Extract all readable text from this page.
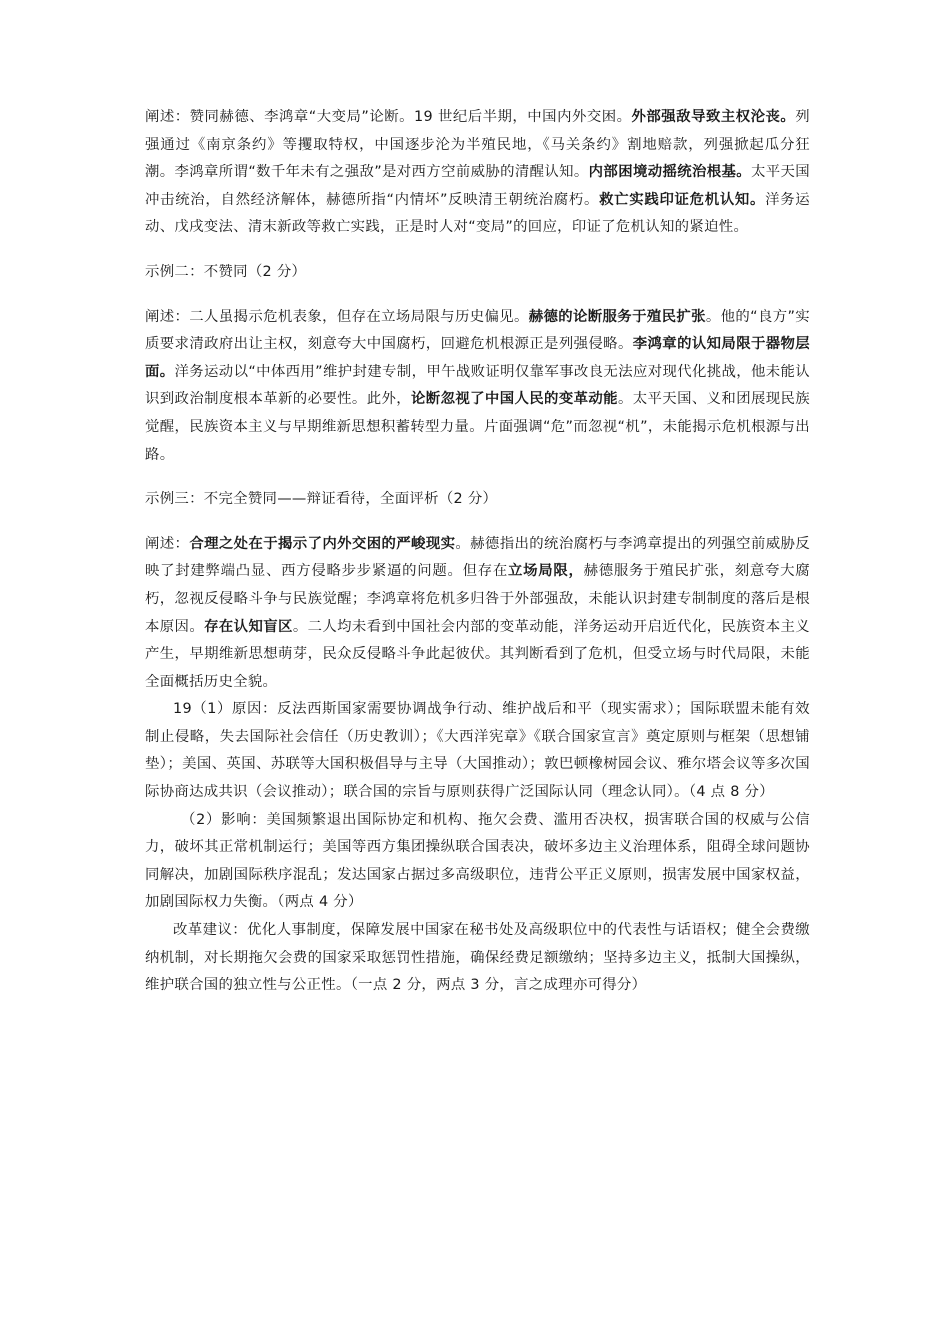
阐述：赞同赫德、李鸿章“大变局”论断。19 世纪后半期，中国内外交困。外部强敌导致主权沦丧。列强通过《南京条约》等攫取特权，中国逐步沦为半殖民地，《马关条约》割地赔款，列强掀起瓜分狂潮。李鸿章所谓“数千年未有之强敌”是对西方空前威胁的清醒认知。内部困境动摇统治根基。太平天国冲击统治，自然经济解体，赫德所指“内情坏”反映清王朝统治腐朽。救亡实践印证危机认知。洋务运动、戊戌变法、清末新政等救亡实践，正是时人对“变局”的回应，印证了危机认知的紧迫性。

示例二：不赞同（2 分）

阐述：二人虽揭示危机表象，但存在立场局限与历史偏见。赫德的论断服务于殖民扩张。他的“良方”实质要求清政府出让主权，刻意夸大中国腐朽，回避危机根源正是列强侵略。李鸿章的认知局限于器物层面。洋务运动以“中体西用”维护封建专制，甲午战败证明仅靠军事改良无法应对现代化挑战，他未能认识到政治制度根本革新的必要性。此外，论断忽视了中国人民的变革动能。太平天国、义和团展现民族觉醒，民族资本主义与早期维新思想积蓄转型力量。片面强调“危”而忽视“机”，未能揭示危机根源与出路。

示例三：不完全赞同——辩证看待，全面评析（2 分）

阐述：合理之处在于揭示了内外交困的严峻现实。赫德指出的统治腐朽与李鸿章提出的列强空前威胁反映了封建弊端凸显、西方侵略步步紧逼的问题。但存在立场局限，赫德服务于殖民扩张，刻意夸大腐朽，忽视反侵略斗争与民族觉醒；李鸿章将危机多归咎于外部强敌，未能认识封建专制制度的落后是根本原因。存在认知盲区。二人均未看到中国社会内部的变革动能，洋务运动开启近代化，民族资本主义产生，早期维新思想萌芽，民众反侵略斗争此起彼伏。其判断看到了危机，但受立场与时代局限，未能全面概括历史全貌。

19（1）原因：反法西斯国家需要协调战争行动、维护战后和平（现实需求）；国际联盟未能有效制止侵略，失去国际社会信任（历史教训）；《大西洋宪章》《联合国家宣言》奠定原则与框架（思想铺垫）；美国、英国、苏联等大国积极倡导与主导（大国推动）；敦巴顿橡树园会议、雅尔塔会议等多次国际协商达成共识（会议推动）；联合国的宗旨与原则获得广泛国际认同（理念认同）。（4 点 8 分）

（2）影响：美国频繁退出国际协定和机构、拖欠会费、滥用否决权，损害联合国的权威与公信力，破坏其正常机制运行；美国等西方集团操纵联合国表决，破坏多边主义治理体系，阻碍全球问题协同解决，加剧国际秩序混乱；发达国家占据过多高级职位，违背公平正义原则，损害发展中国家权益，加剧国际权力失衡。（两点 4 分）

改革建议：优化人事制度，保障发展中国家在秘书处及高级职位中的代表性与话语权；健全会费缴纳机制，对长期拖欠会费的国家采取惩罚性措施，确保经费足额缴纳；坚持多边主义，抵制大国操纵，维护联合国的独立性与公正性。（一点 2 分，两点 3 分，言之成理亦可得分）
